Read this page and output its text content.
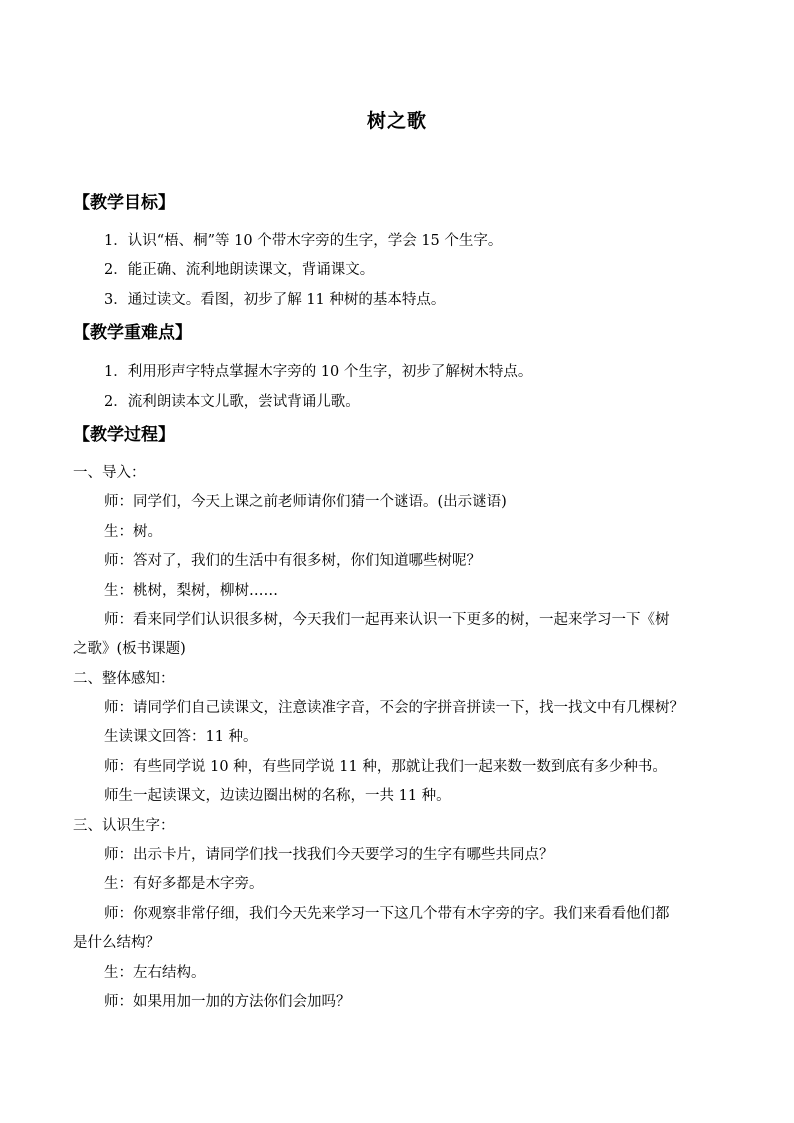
树之歌
【教学目标】
1．认识“梧、桐”等 10 个带木字旁的生字，学会 15 个生字。
2．能正确、流利地朗读课文，背诵课文。
3．通过读文。看图，初步了解 11 种树的基本特点。
【教学重难点】
1．利用形声字特点掌握木字旁的 10 个生字，初步了解树木特点。
2．流利朗读本文儿歌，尝试背诵儿歌。
【教学过程】
一、导入：
师：同学们，今天上课之前老师请你们猜一个谜语。(出示谜语)
生：树。
师：答对了，我们的生活中有很多树，你们知道哪些树呢？
生：桃树，梨树，柳树……
师：看来同学们认识很多树，今天我们一起再来认识一下更多的树，一起来学习一下《树
之歌》(板书课题)
二、整体感知：
师：请同学们自己读课文，注意读准字音，不会的字拼音拼读一下，找一找文中有几棵树？
生读课文回答：11 种。
师：有些同学说 10 种，有些同学说 11 种，那就让我们一起来数一数到底有多少种书。
师生一起读课文，边读边圈出树的名称，一共 11 种。
三、认识生字：
师：出示卡片，请同学们找一找我们今天要学习的生字有哪些共同点？
生：有好多都是木字旁。
师：你观察非常仔细，我们今天先来学习一下这几个带有木字旁的字。我们来看看他们都
是什么结构？
生：左右结构。
师：如果用加一加的方法你们会加吗？
